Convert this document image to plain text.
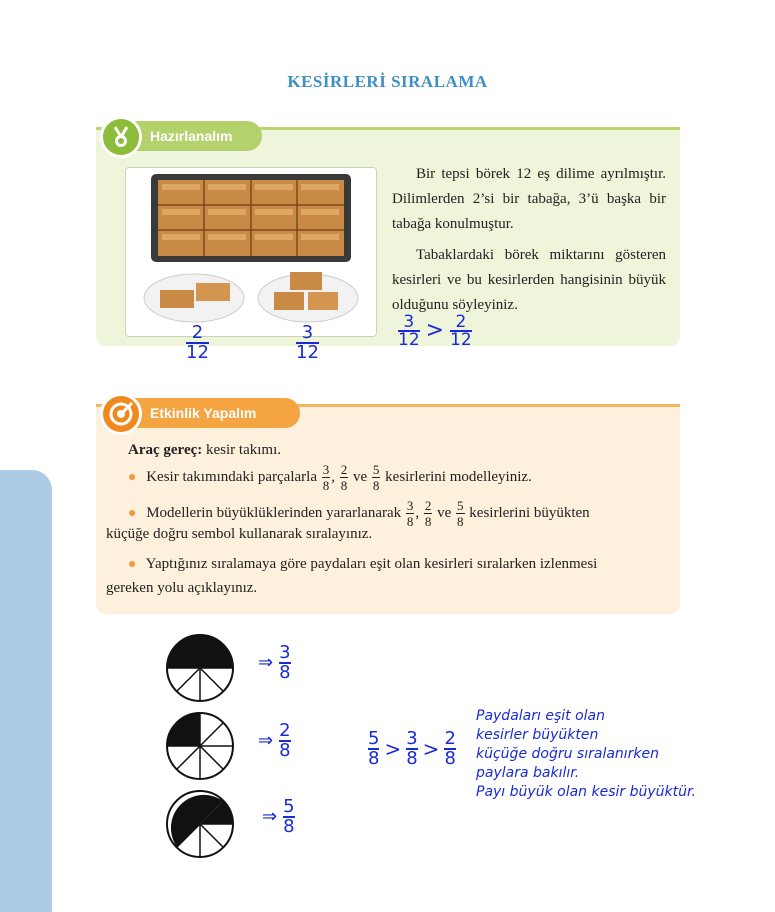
KESİRLERİ SIRALAMA
Hazırlanalım

Bir tepsi börek 12 eş dilime ayrılmıştır. Dilimlerden 2’si bir tabağa, 3’ü başka bir tabağa konulmuştur.

Tabaklardaki börek miktarını gösteren kesirleri ve bu kesirlerden hangisinin büyük olduğunu söyleyiniz.

Etkinlik Yapalım
Araç gereç: kesir takımı.
● Kesir takımındaki parçalarla $\frac{3}{8}$ , $\frac{2}{8}$ ve $\frac{5}{8}$ kesirlerini modelleyiniz.
● Modellerin büyüklüklerinden yararlanarak $\frac{3}{8}$ , $\frac{2}{8}$ ve $\frac{5}{8}$ kesirlerini büyükten
küçüğe doğru sembol kullanarak sıralayınız.
● Yaptığınız sıralamaya göre paydaları eşit olan kesirleri sıralarken izlenmesi
gereken yolu açıklayınız.
2
12
3
12
3
12 > 2
12
⇒ 3
8
⇒ 2
8
⇒ 5
8
5
8 > 3
8 > 2
8
Paydaları eşit olan
kesirler büyükten
küçüğe doğru sıralanırken
paylara bakılır.
Payı büyük olan kesir büyüktür.
